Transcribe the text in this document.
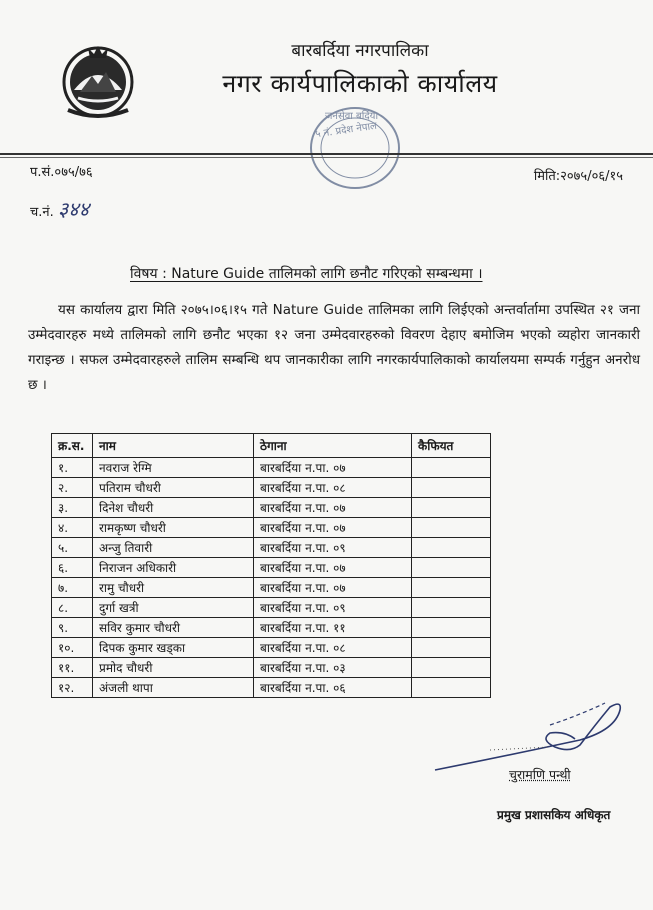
बारबर्दिया नगरपालिका
नगर कार्यपालिकाको कार्यालय
जनसेवा बर्दिया
५ नं. प्रदेश नेपाल
प.सं.०७५/७६	मिति:२०७५/०६/१५
च.नं. ३४४
विषय : Nature Guide तालिमको लागि छनौट गरिएको सम्बन्धमा ।
यस कार्यालय द्वारा मिति २०७५।०६।१५ गते Nature Guide तालिमका लागि लिईएको अन्तर्वार्तामा उपस्थित २१ जना उम्मेदवारहरु मध्ये तालिमको लागि छनौट भएका १२ जना उम्मेदवारहरुको विवरण देहाए बमोजिम भएको व्यहोरा जानकारी गराइन्छ । सफल उम्मेदवारहरुले तालिम सम्बन्धि थप जानकारीका लागि नगरकार्यपालिकाको कार्यालयमा सम्पर्क गर्नुहुन अनरोध छ ।
क्र.स.	नाम	ठेगाना	कैफियत
१.	नवराज रेग्मि	बारबर्दिया न.पा. ०७	
२.	पतिराम चौधरी	बारबर्दिया न.पा. ०८	
३.	दिनेश चौधरी	बारबर्दिया न.पा. ०७	
४.	रामकृष्ण चौधरी	बारबर्दिया न.पा. ०७	
५.	अन्जु तिवारी	बारबर्दिया न.पा. ०९	
६.	निराजन अधिकारी	बारबर्दिया न.पा. ०७	
७.	रामु चौधरी	बारबर्दिया न.पा. ०७	
८.	दुर्गा खत्री	बारबर्दिया न.पा. ०९	
९.	सविर कुमार चौधरी	बारबर्दिया न.पा. ११	
१०.	दिपक कुमार खड्का	बारबर्दिया न.पा. ०८	
११.	प्रमोद चौधरी	बारबर्दिया न.पा. ०३	
१२.	अंजली थापा	बारबर्दिया न.पा. ०६	
चुरामणि पन्थी
प्रमुख प्रशासकिय अधिकृत
